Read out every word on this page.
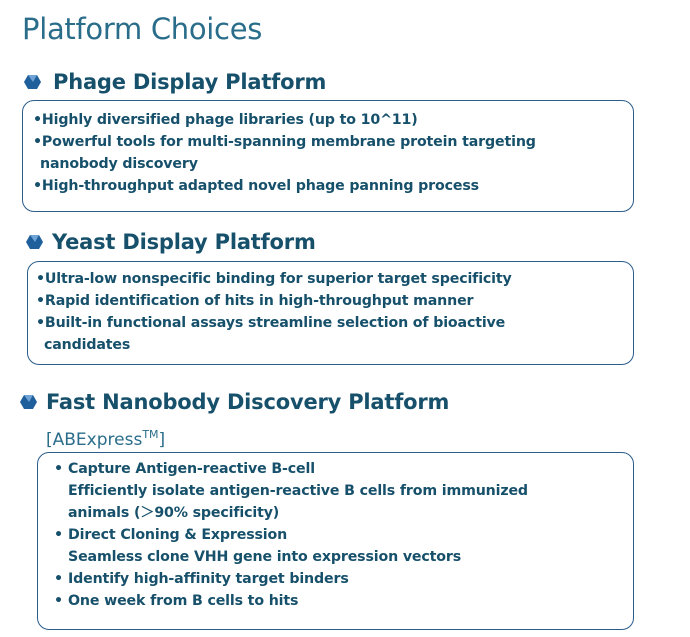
Platform Choices
Phage Display Platform
•Highly diversified phage libraries (up to 10^11)
•Powerful tools for multi-spanning membrane protein targeting
nanobody discovery
•High-throughput adapted novel phage panning process
Yeast Display Platform
•Ultra-low nonspecific binding for superior target specificity
•Rapid identification of hits in high-throughput manner
•Built-in functional assays streamline selection of bioactive
candidates
Fast Nanobody Discovery Platform
[ABExpress™]
• Capture Antigen-reactive B-cell
Efficiently isolate antigen-reactive B cells from immunized
animals (＞90% specificity)
• Direct Cloning & Expression
Seamless clone VHH gene into expression vectors
• Identify high-affinity target binders
• One week from B cells to hits
